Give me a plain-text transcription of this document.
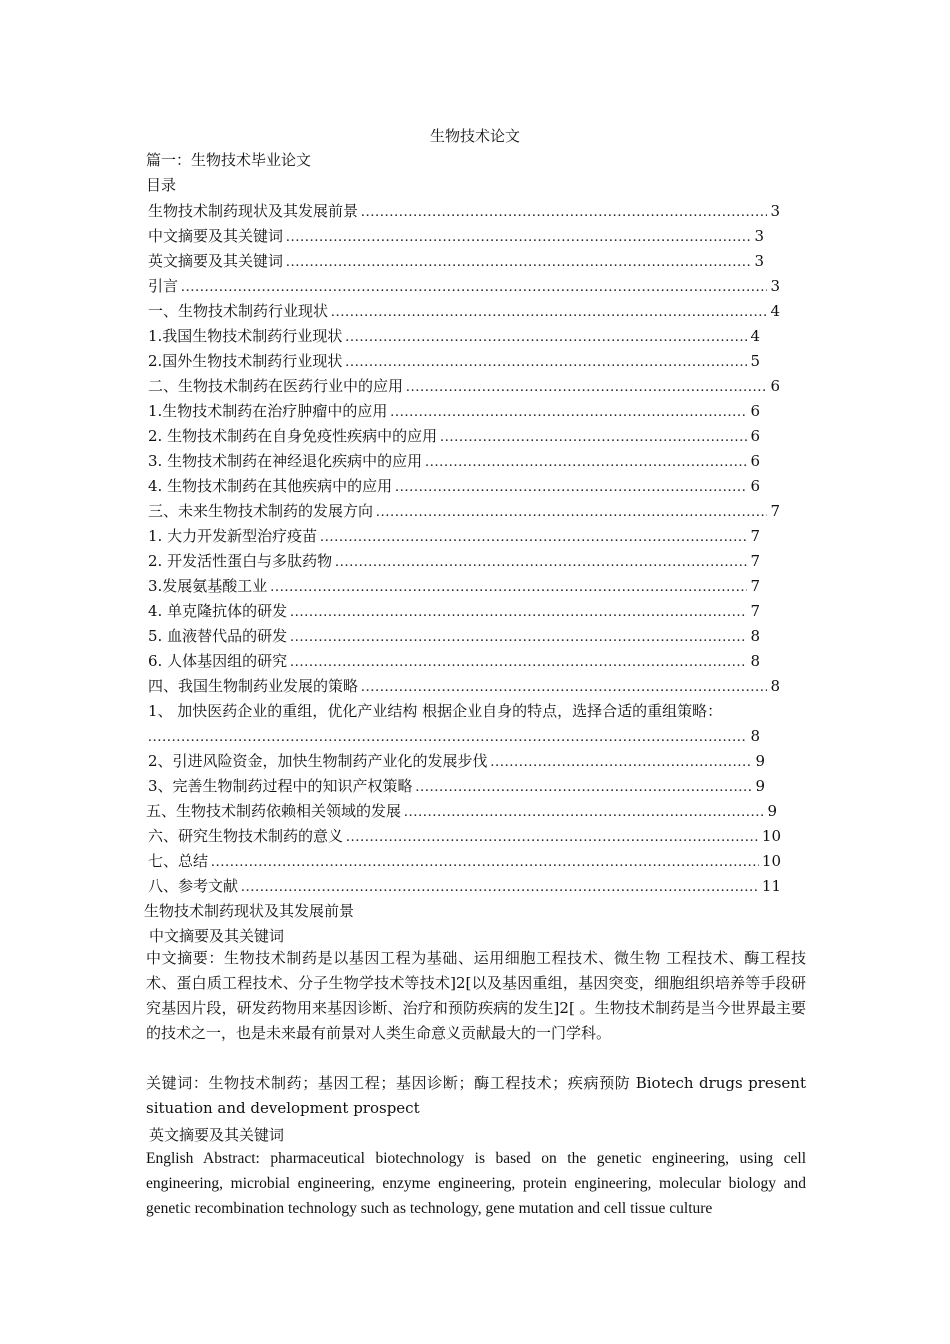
生物技术论文
篇一：生物技术毕业论文
目录
生物技术制药现状及其发展前景 .....	3
中文摘要及其关键词 .....	3
英文摘要及其关键词 .....	3
引言 .....	3
一、生物技术制药行业现状 .....	4
1.我国生物技术制药行业现状 .....	4
2.国外生物技术制药行业现状 .....	5
二、生物技术制药在医药行业中的应用 .....	6
1.生物技术制药在治疗肿瘤中的应用 .....	6
2. 生物技术制药在自身免疫性疾病中的应用 .....	6
3. 生物技术制药在神经退化疾病中的应用 .....	6
4. 生物技术制药在其他疾病中的应用 .....	6
三、未来生物技术制药的发展方向 .....	7
1. 大力开发新型治疗疫苗 .....	7
2. 开发活性蛋白与多肽药物 .....	7
3.发展氨基酸工业 .....	7
4. 单克隆抗体的研发 .....	7
5. 血液替代品的研发 .....	8
6. 人体基因组的研究 .....	8
四、我国生物制药业发展的策略 .....	8
1、 加快医药企业的重组，优化产业结构 根据企业自身的特点，选择合适的重组策略：
.....
8
2、引进风险资金，加快生物制药产业化的发展步伐 .....	9
3、完善生物制药过程中的知识产权策略 .....	9
五、生物技术制药依赖相关领域的发展 .....	9
六、研究生物技术制药的意义 .....	10
七、总结 .....	10
八、参考文献 .....	11
生物技术制药现状及其发展前景
中文摘要及其关键词
中文摘要：生物技术制药是以基因工程为基础、运用细胞工程技术、微生物 工程技术、酶工程技术、蛋白质工程技术、分子生物学技术等技术]2[以及基因重组，基因突变，细胞组织培养等手段研究基因片段，研发药物用来基因诊断、治疗和预防疾病的发生]2[ 。生物技术制药是当今世界最主要的技术之一，也是未来最有前景对人类生命意义贡献最大的一门学科。
关键词：生物技术制药；基因工程；基因诊断；酶工程技术；疾病预防 Biotech drugs present situation and development prospect
英文摘要及其关键词
English Abstract: pharmaceutical biotechnology is based on the genetic engineering, using cell engineering, microbial engineering, enzyme engineering, protein engineering, molecular biology and genetic recombination technology such as technology, gene mutation and cell tissue culture
